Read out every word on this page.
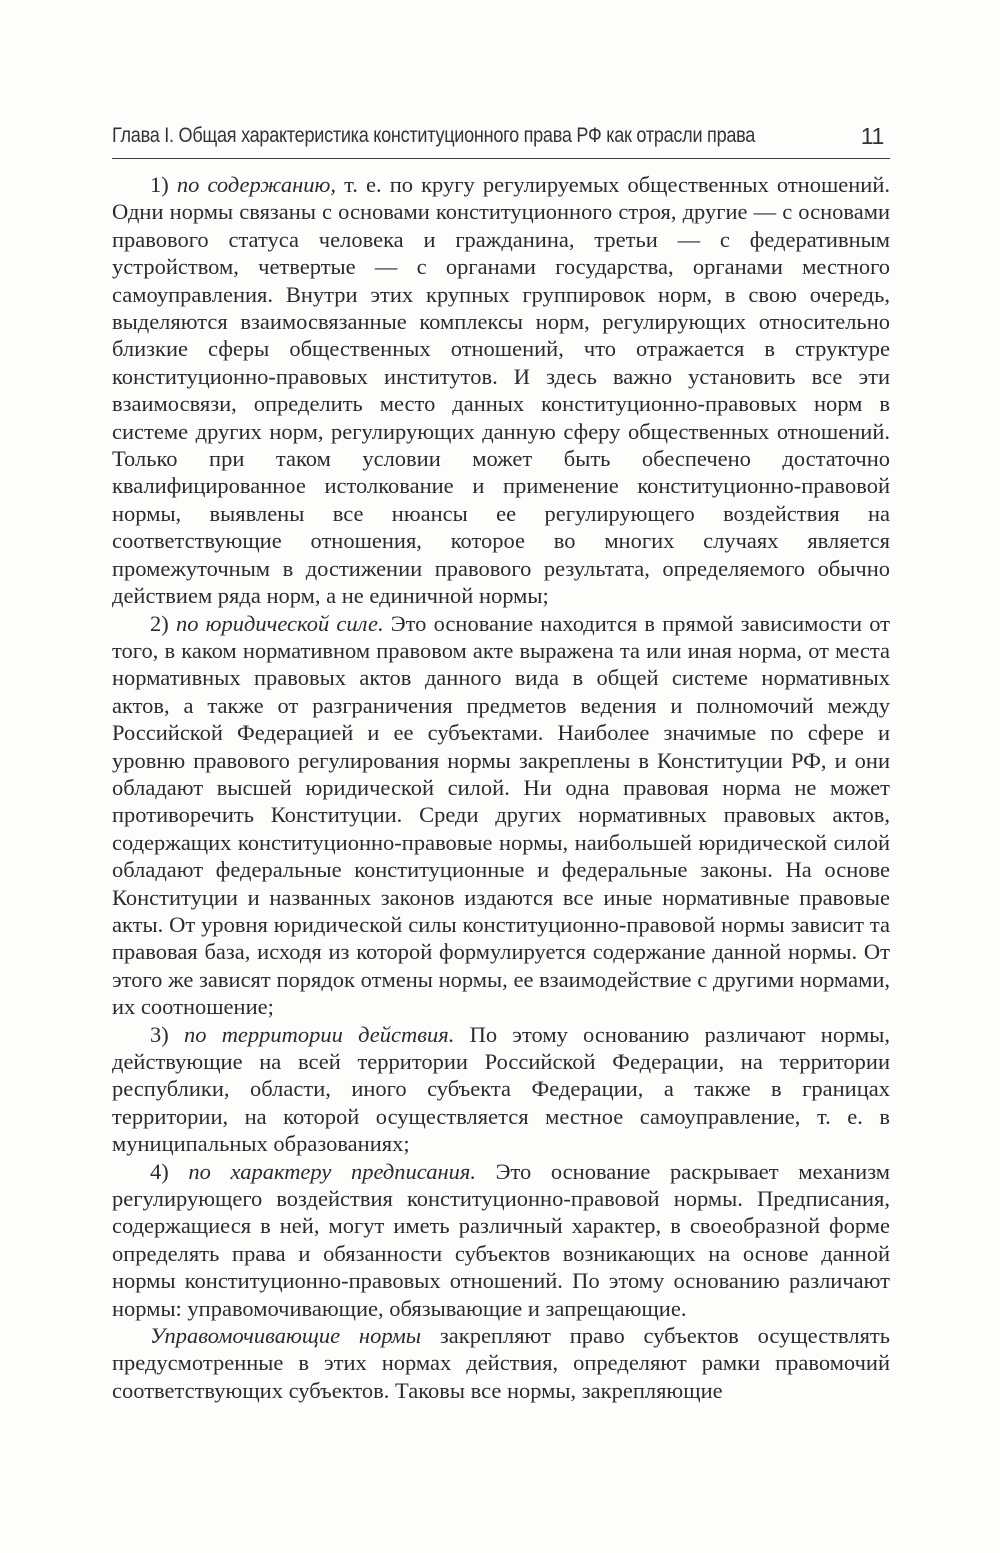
Глава I. Общая характеристика конституционного права РФ как отрасли права	11

1) по содержанию, т. е. по кругу регулируемых общественных отношений. Одни нормы связаны с основами конституционного строя, другие — с основами правового статуса человека и гражданина, третьи — с федеративным устройством, четвертые — с органами государства, органами местного самоуправления. Внутри этих крупных группировок норм, в свою очередь, выделяются взаимосвязанные комплексы норм, регулирующих относительно близкие сферы общественных отношений, что отражается в структуре конституционно-правовых институтов. И здесь важно установить все эти взаимосвязи, определить место данных конституционно-правовых норм в системе других норм, регулирующих данную сферу общественных отношений. Только при таком условии может быть обеспечено достаточно квалифицированное истолкование и применение конституционно-правовой нормы, выявлены все нюансы ее регулирующего воздействия на соответствующие отношения, которое во многих случаях является промежуточным в достижении правового результата, определяемого обычно действием ряда норм, а не единичной нормы;

2) по юридической силе. Это основание находится в прямой зависимости от того, в каком нормативном правовом акте выражена та или иная норма, от места нормативных правовых актов данного вида в общей системе нормативных актов, а также от разграничения предметов ведения и полномочий между Российской Федерацией и ее субъектами. Наиболее значимые по сфере и уровню правового регулирования нормы закреплены в Конституции РФ, и они обладают высшей юридической силой. Ни одна правовая норма не может противоречить Конституции. Среди других нормативных правовых актов, содержащих конституционно-правовые нормы, наибольшей юридической силой обладают федеральные конституционные и федеральные законы. На основе Конституции и названных законов издаются все иные нормативные правовые акты. От уровня юридической силы конституционно-правовой нормы зависит та правовая база, исходя из которой формулируется содержание данной нормы. От этого же зависят порядок отмены нормы, ее взаимодействие с другими нормами, их соотношение;

3) по территории действия. По этому основанию различают нормы, действующие на всей территории Российской Федерации, на территории республики, области, иного субъекта Федерации, а также в границах территории, на которой осуществляется местное самоуправление, т. е. в муниципальных образованиях;

4) по характеру предписания. Это основание раскрывает механизм регулирующего воздействия конституционно-правовой нормы. Предписания, содержащиеся в ней, могут иметь различный характер, в своеобразной форме определять права и обязанности субъектов возникающих на основе данной нормы конституционно-правовых отношений. По этому основанию различают нормы: управомочивающие, обязывающие и запрещающие.

Управомочивающие нормы закрепляют право субъектов осуществлять предусмотренные в этих нормах действия, определяют рамки правомочий соответствующих субъектов. Таковы все нормы, закрепляющие
